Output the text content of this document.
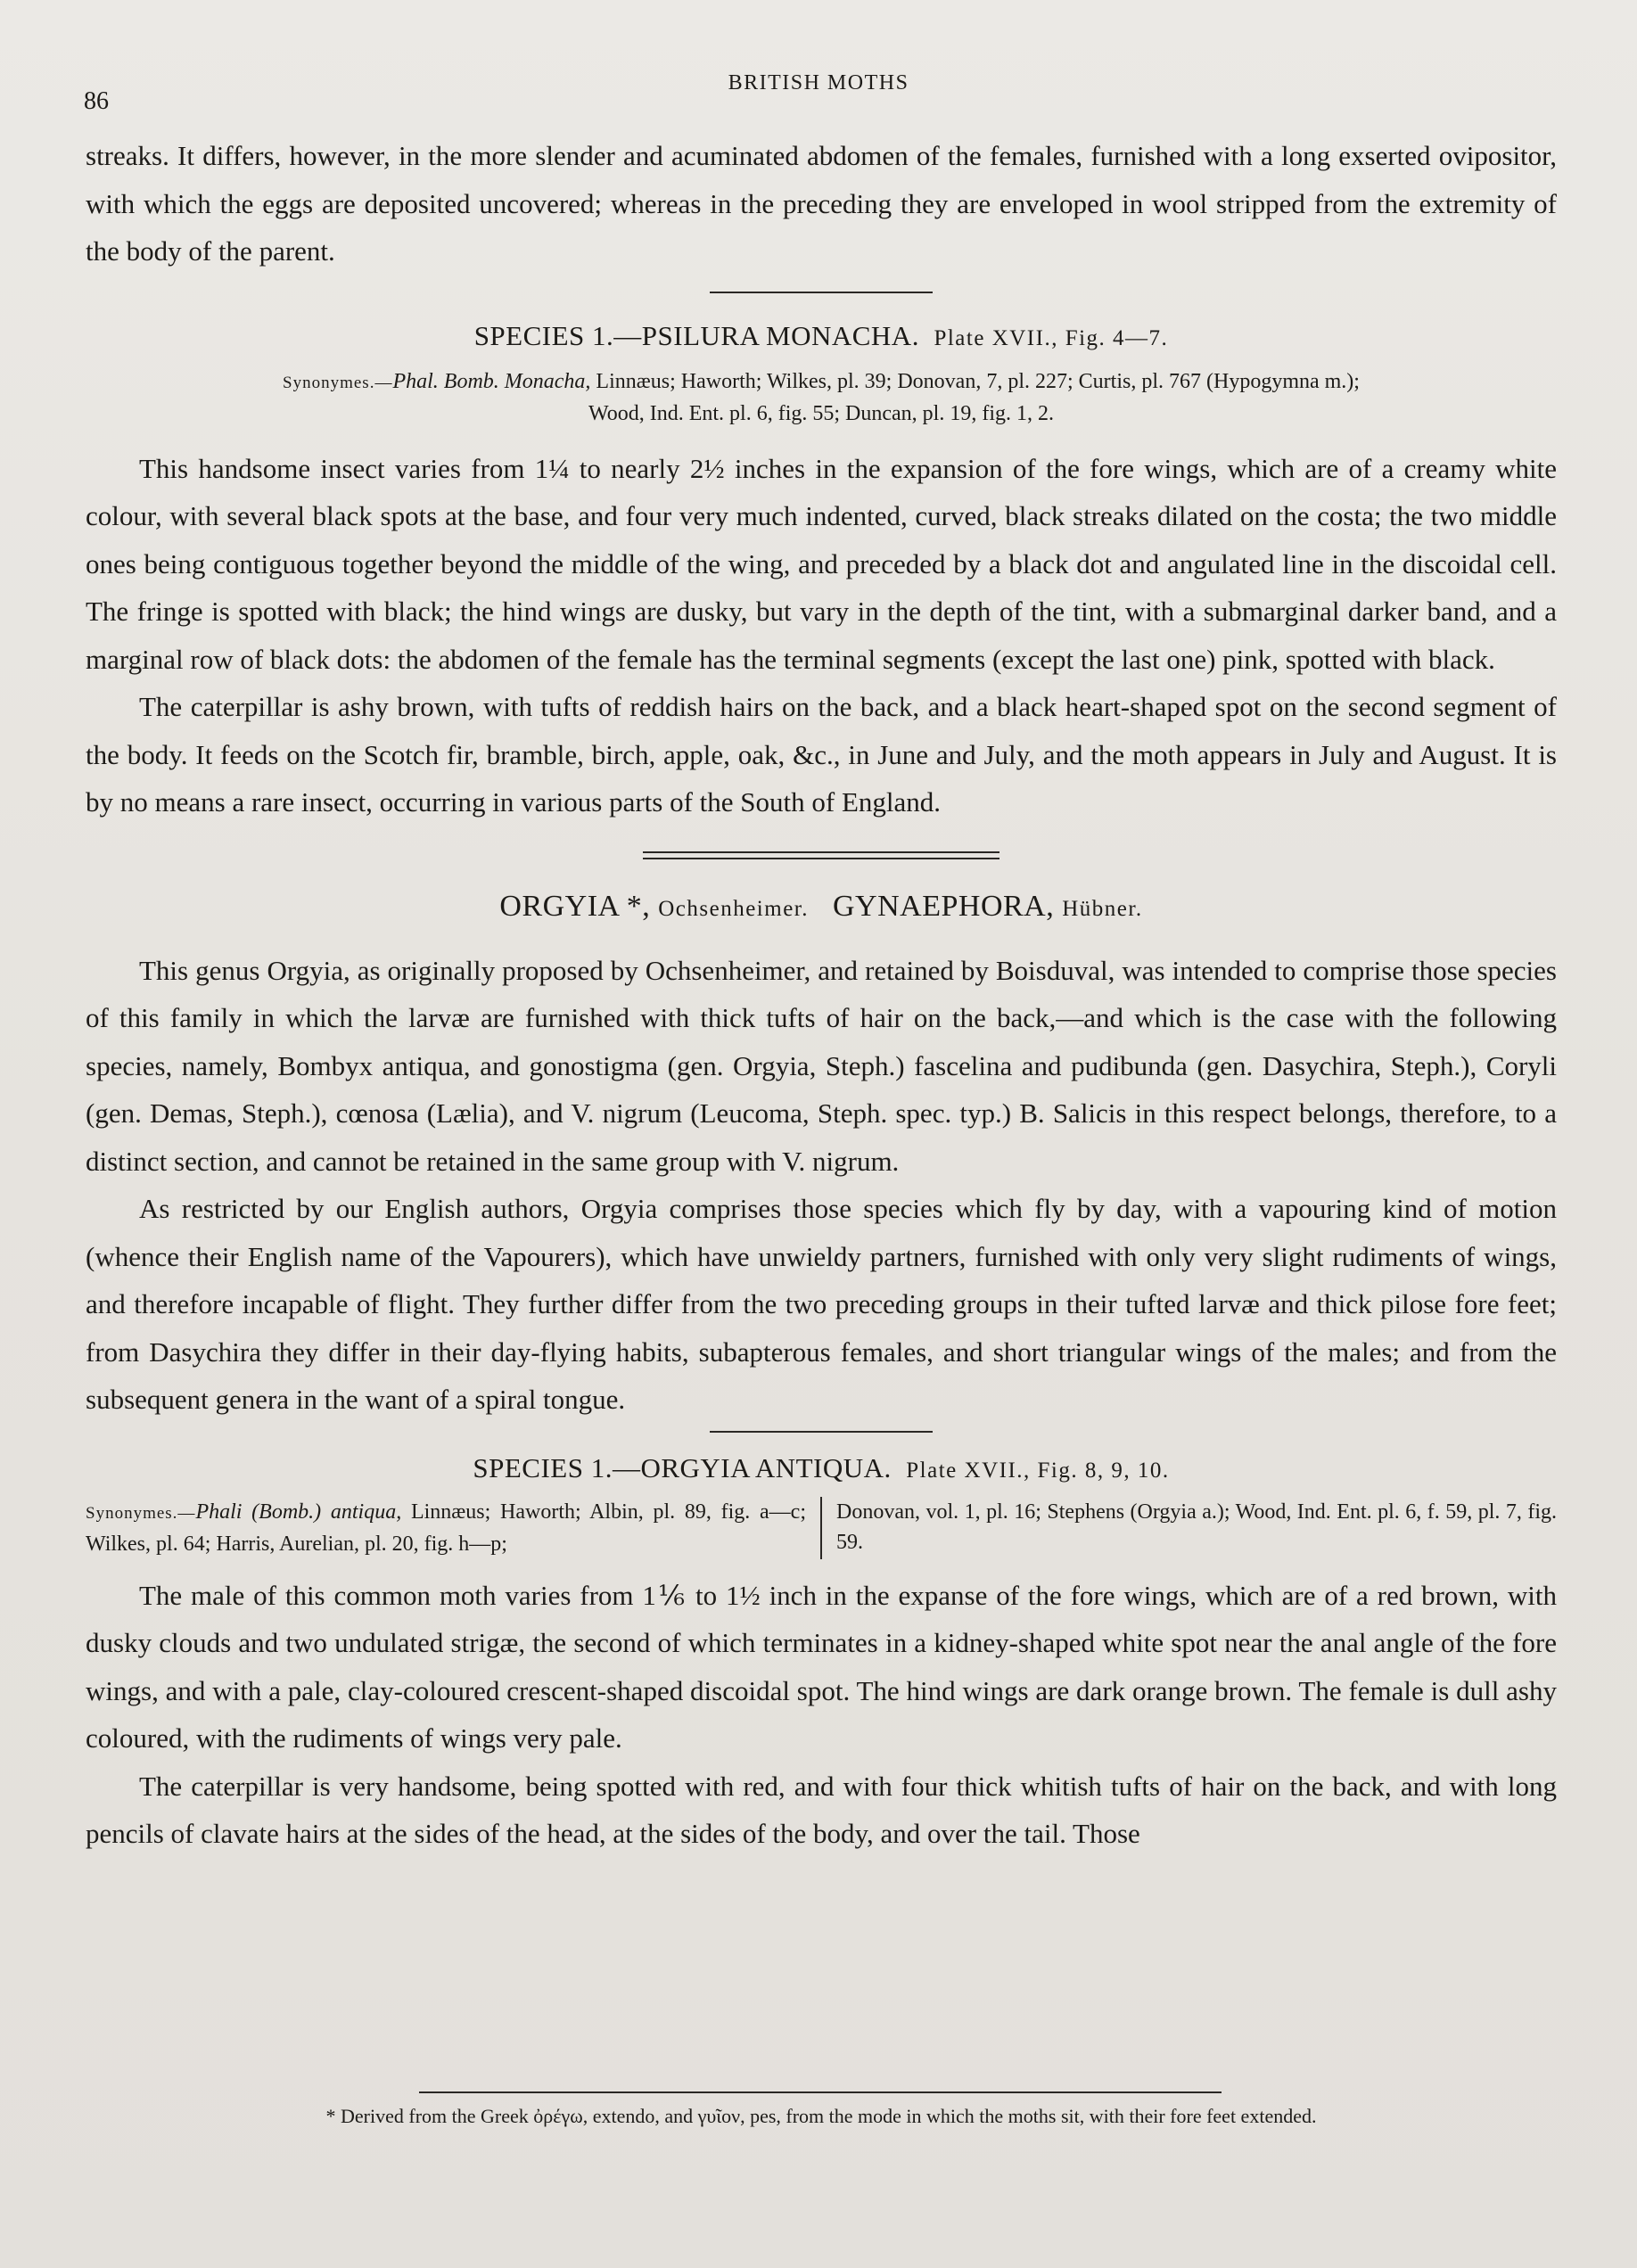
86
BRITISH MOTHS

streaks. It differs, however, in the more slender and acuminated abdomen of the females, furnished with a long exserted ovipositor, with which the eggs are deposited uncovered; whereas in the preceding they are enveloped in wool stripped from the extremity of the body of the parent.

SPECIES 1.—PSILURA MONACHA. Plate XVII., Fig. 4—7.
Synonymes.—Phal. Bomb. Monacha, Linnæus; Haworth; Wilkes, pl. 39; Donovan, 7, pl. 227; Curtis, pl. 767 (Hypogymna m.);
Wood, Ind. Ent. pl. 6, fig. 55; Duncan, pl. 19, fig. 1, 2.

This handsome insect varies from 1¼ to nearly 2½ inches in the expansion of the fore wings, which are of a creamy white colour, with several black spots at the base, and four very much indented, curved, black streaks dilated on the costa; the two middle ones being contiguous together beyond the middle of the wing, and preceded by a black dot and angulated line in the discoidal cell. The fringe is spotted with black; the hind wings are dusky, but vary in the depth of the tint, with a submarginal darker band, and a marginal row of black dots: the abdomen of the female has the terminal segments (except the last one) pink, spotted with black.

The caterpillar is ashy brown, with tufts of reddish hairs on the back, and a black heart-shaped spot on the second segment of the body. It feeds on the Scotch fir, bramble, birch, apple, oak, &c., in June and July, and the moth appears in July and August. It is by no means a rare insect, occurring in various parts of the South of England.

ORGYIA *, Ochsenheimer. GYNAEPHORA, Hübner.

This genus Orgyia, as originally proposed by Ochsenheimer, and retained by Boisduval, was intended to comprise those species of this family in which the larvæ are furnished with thick tufts of hair on the back,—and which is the case with the following species, namely, Bombyx antiqua, and gonostigma (gen. Orgyia, Steph.) fascelina and pudibunda (gen. Dasychira, Steph.), Coryli (gen. Demas, Steph.), cœnosa (Lælia), and V. nigrum (Leucoma, Steph. spec. typ.) B. Salicis in this respect belongs, therefore, to a distinct section, and cannot be retained in the same group with V. nigrum.

As restricted by our English authors, Orgyia comprises those species which fly by day, with a vapouring kind of motion (whence their English name of the Vapourers), which have unwieldy partners, furnished with only very slight rudiments of wings, and therefore incapable of flight. They further differ from the two preceding groups in their tufted larvæ and thick pilose fore feet; from Dasychira they differ in their day-flying habits, subapterous females, and short triangular wings of the males; and from the subsequent genera in the want of a spiral tongue.

SPECIES 1.—ORGYIA ANTIQUA. Plate XVII., Fig. 8, 9, 10.
Synonymes.—Phali (Bomb.) antiqua, Linnæus; Haworth; Albin, pl. 89, fig. a—c; Wilkes, pl. 64; Harris, Aurelian, pl. 20, fig. h—p;
Donovan, vol. 1, pl. 16; Stephens (Orgyia a.); Wood, Ind. Ent. pl. 6, f. 59, pl. 7, fig. 59.

The male of this common moth varies from 1⅙ to 1½ inch in the expanse of the fore wings, which are of a red brown, with dusky clouds and two undulated strigæ, the second of which terminates in a kidney-shaped white spot near the anal angle of the fore wings, and with a pale, clay-coloured crescent-shaped discoidal spot. The hind wings are dark orange brown. The female is dull ashy coloured, with the rudiments of wings very pale.

The caterpillar is very handsome, being spotted with red, and with four thick whitish tufts of hair on the back, and with long pencils of clavate hairs at the sides of the head, at the sides of the body, and over the tail. Those

* Derived from the Greek ὀρέγω, extendo, and γυῖον, pes, from the mode in which the moths sit, with their fore feet extended.
